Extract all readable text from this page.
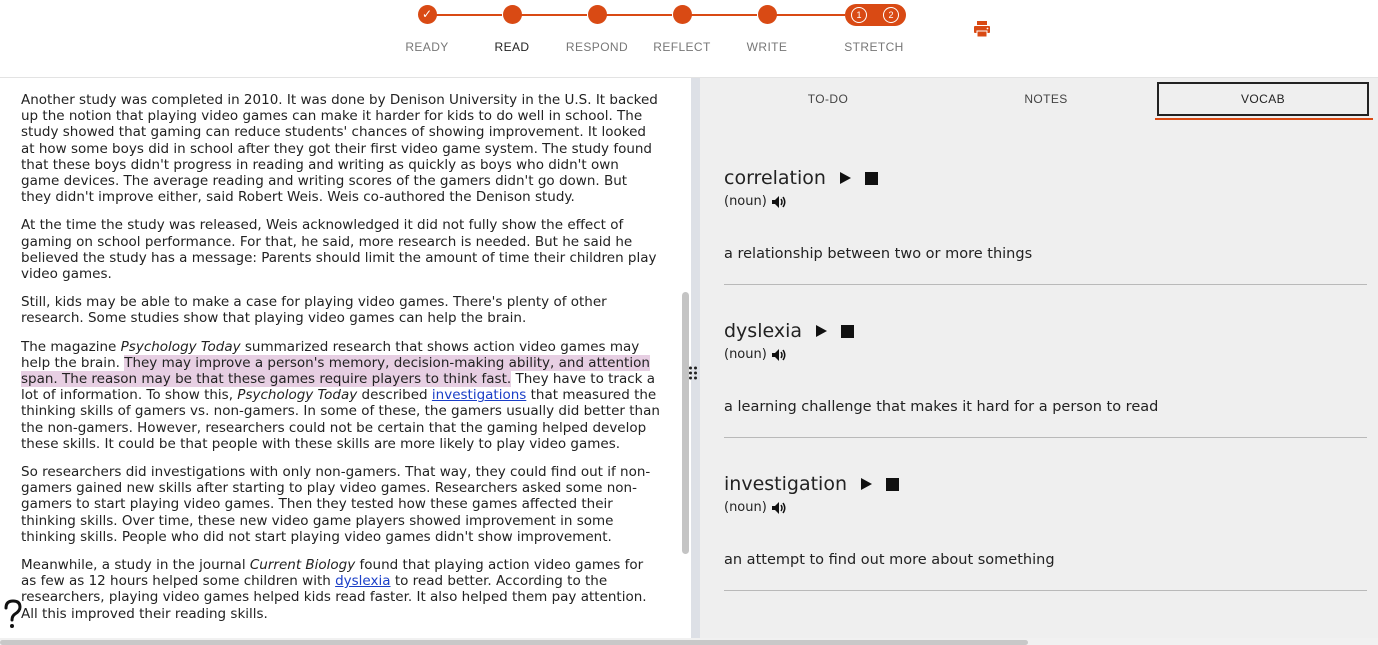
✓
READY	READ	RESPOND	REFLECT	WRITE
1	2
STRETCH

Another study was completed in 2010. It was done by Denison University in the U.S. It backed up the notion that playing video games can make it harder for kids to do well in school. The study showed that gaming can reduce students' chances of showing improvement. It looked at how some boys did in school after they got their first video game system. The study found that these boys didn't progress in reading and writing as quickly as boys who didn't own game devices. The average reading and writing scores of the gamers didn't go down. But they didn't improve either, said Robert Weis. Weis co-authored the Denison study.

At the time the study was released, Weis acknowledged it did not fully show the effect of gaming on school performance. For that, he said, more research is needed. But he said he believed the study has a message: Parents should limit the amount of time their children play video games.

Still, kids may be able to make a case for playing video games. There's plenty of other research. Some studies show that playing video games can help the brain.

The magazine Psychology Today summarized research that shows action video games may help the brain. They may improve a person's memory, decision-making ability, and attention span. The reason may be that these games require players to think fast. They have to track a lot of information. To show this, Psychology Today described investigations that measured the thinking skills of gamers vs. non-gamers. In some of these, the gamers usually did better than the non-gamers. However, researchers could not be certain that the gaming helped develop these skills. It could be that people with these skills are more likely to play video games.

So researchers did investigations with only non-gamers. That way, they could find out if non-gamers gained new skills after starting to play video games. Researchers asked some non-gamers to start playing video games. Then they tested how these games affected their thinking skills. Over time, these new video game players showed improvement in some thinking skills. People who did not start playing video games didn't show improvement.

Meanwhile, a study in the journal Current Biology found that playing action video games for as few as 12 hours helped some children with dyslexia to read better. According to the researchers, playing video games helped kids read faster. It also helped them pay attention. All this improved their reading skills.

TO-DO	NOTES	VOCAB
correlation
(noun)
a relationship between two or more things
dyslexia
(noun)
a learning challenge that makes it hard for a person to read
investigation
(noun)
an attempt to find out more about something
